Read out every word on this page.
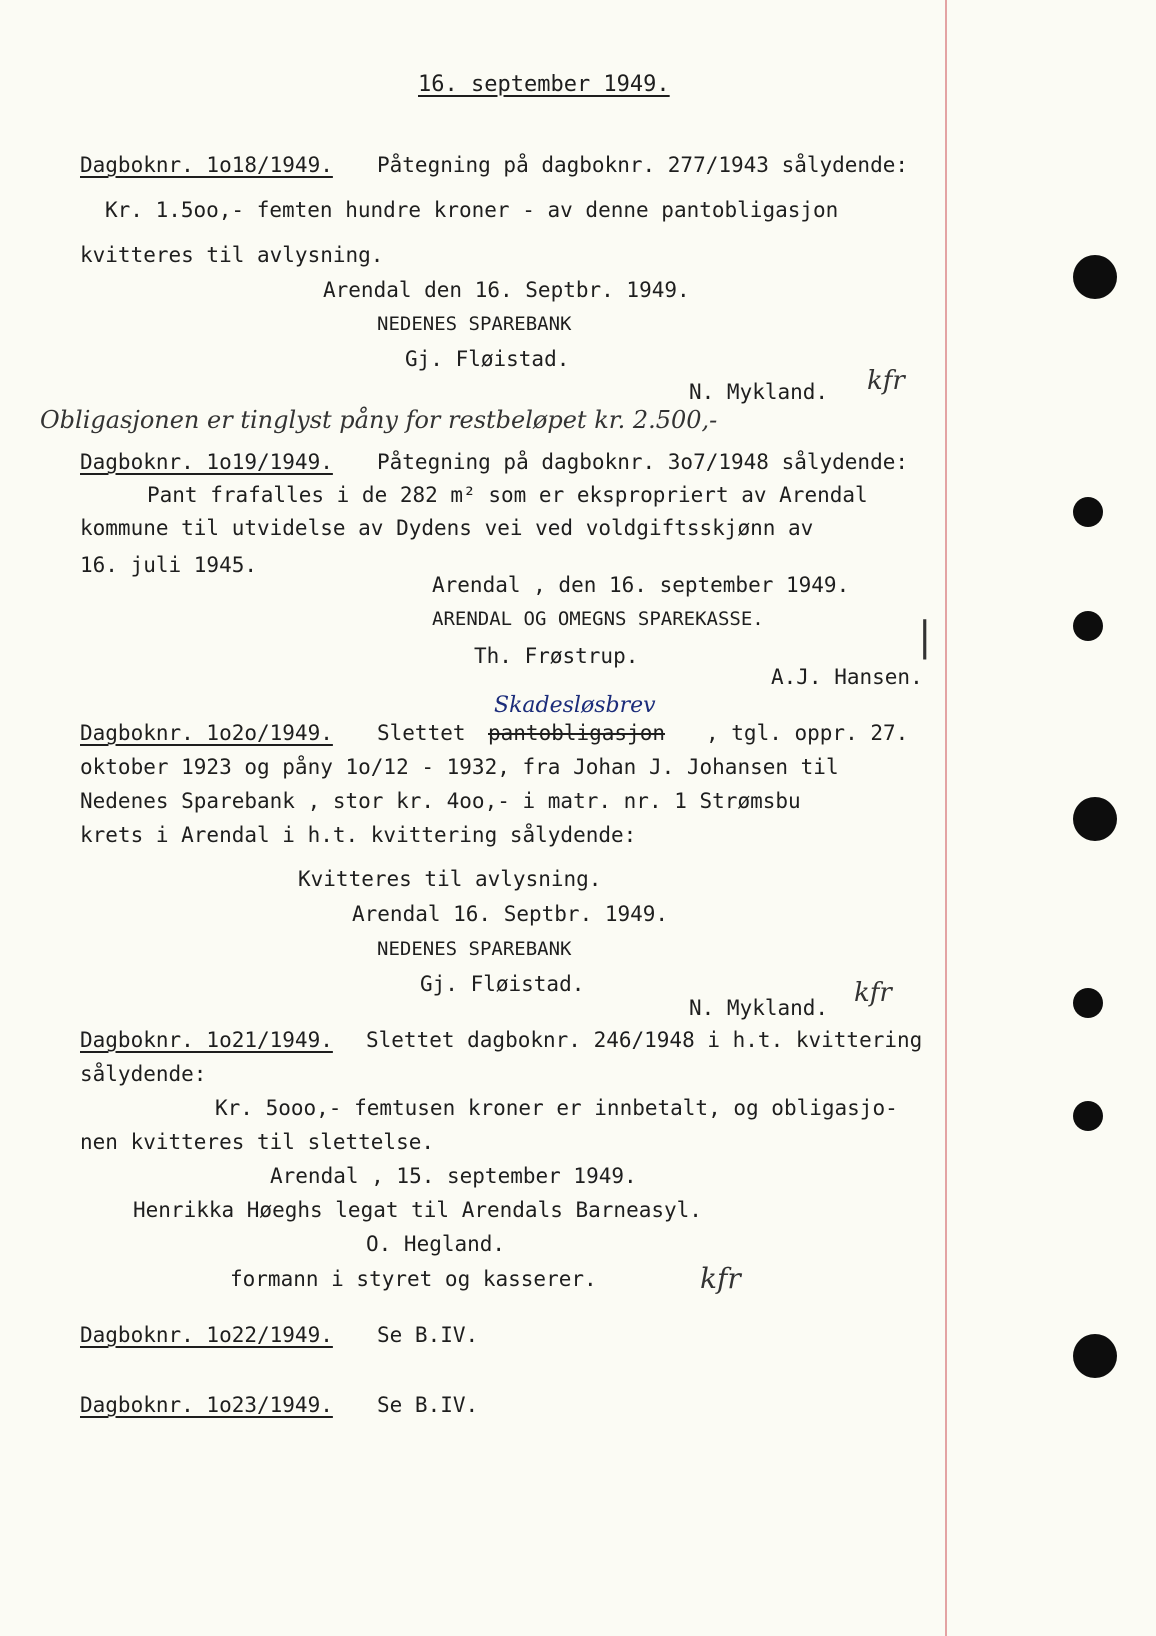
16. september 1949.
Dagboknr. 1o18/1949. Påtegning på dagboknr. 277/1943 sålydende:
Kr. 1.5oo,- femten hundre kroner - av denne pantobligasjon
kvitteres til avlysning.
Arendal den 16. Septbr. 1949.
NEDENES SPAREBANK
Gj. Fløistad.
N. Mykland. kfr
Obligasjonen er tinglyst påny for restbeløpet kr. 2.500,-
Dagboknr. 1o19/1949. Påtegning på dagboknr. 3o7/1948 sålydende:
Pant frafalles i de 282 m² som er ekspropriert av Arendal
kommune til utvidelse av Dydens vei ved voldgiftsskjønn av
16. juli 1945.
Arendal , den 16. september 1949.
ARENDAL OG OMEGNS SPAREKASSE.
Th. Frøstrup.
A.J. Hansen.
|
Dagboknr. 1o2o/1949. Slettet pantobligasjon
Skadesløsbrev
, tgl. oppr. 27.
oktober 1923 og påny 1o/12 - 1932, fra Johan J. Johansen til
Nedenes Sparebank , stor kr. 4oo,- i matr. nr. 1 Strømsbu
krets i Arendal i h.t. kvittering sålydende:
Kvitteres til avlysning.
Arendal 16. Septbr. 1949.
NEDENES SPAREBANK
Gj. Fløistad.
N. Mykland. kfr
Dagboknr. 1o21/1949. Slettet dagboknr. 246/1948 i h.t. kvittering
sålydende:
Kr. 5ooo,- femtusen kroner er innbetalt, og obligasjo-
nen kvitteres til slettelse.
Arendal , 15. september 1949.
Henrikka Høeghs legat til Arendals Barneasyl.
O. Hegland.
formann i styret og kasserer.	kfr
Dagboknr. 1o22/1949. Se B.IV.
Dagboknr. 1o23/1949. Se B.IV.
